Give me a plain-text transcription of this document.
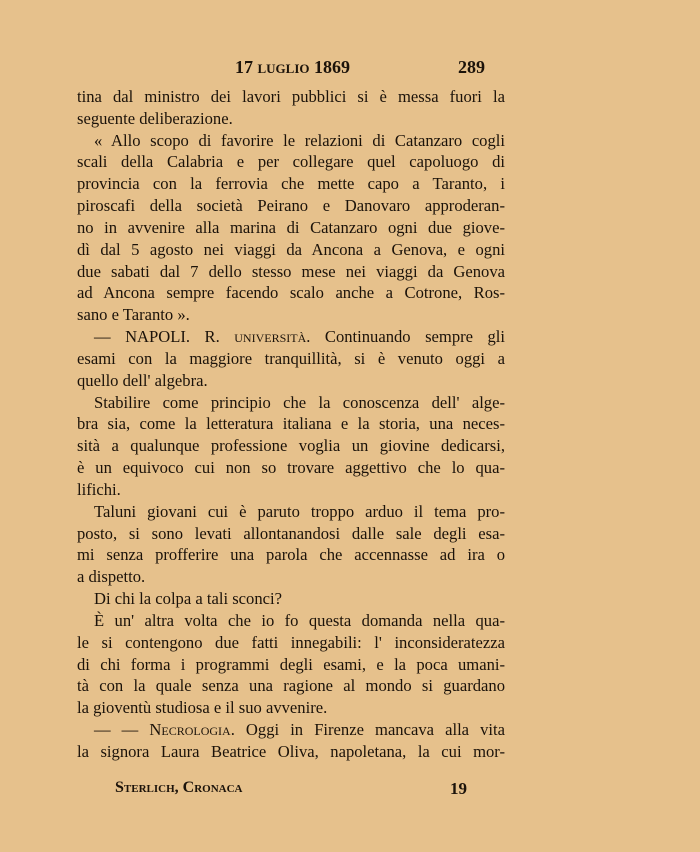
17 luglio 1869	289
tina dal ministro dei lavori pubblici si è messa fuori la
seguente deliberazione.
« Allo scopo di favorire le relazioni di Catanzaro cogli
scali della Calabria e per collegare quel capoluogo di
provincia con la ferrovia che mette capo a Taranto, i
piroscafi della società Peirano e Danovaro approderan-
no in avvenire alla marina di Catanzaro ogni due giove-
dì dal 5 agosto nei viaggi da Ancona a Genova, e ogni
due sabati dal 7 dello stesso mese nei viaggi da Genova
ad Ancona sempre facendo scalo anche a Cotrone, Ros-
sano e Taranto ».
— NAPOLI. R. università. Continuando sempre gli
esami con la maggiore tranquillità, si è venuto oggi a
quello dell' algebra.
Stabilire come principio che la conoscenza dell' alge-
bra sia, come la letteratura italiana e la storia, una neces-
sità a qualunque professione voglia un giovine dedicarsi,
è un equivoco cui non so trovare aggettivo che lo qua-
lifichi.
Taluni giovani cui è paruto troppo arduo il tema pro-
posto, si sono levati allontanandosi dalle sale degli esa-
mi senza profferire una parola che accennasse ad ira o
a dispetto.
Di chi la colpa a tali sconci?
È un' altra volta che io fo questa domanda nella qua-
le si contengono due fatti innegabili: l' inconsideratezza
di chi forma i programmi degli esami, e la poca umani-
tà con la quale senza una ragione al mondo si guardano
la gioventù studiosa e il suo avvenire.
— — Necrologia. Oggi in Firenze mancava alla vita
la signora Laura Beatrice Oliva, napoletana, la cui mor-
Sterlich, Cronaca	19
